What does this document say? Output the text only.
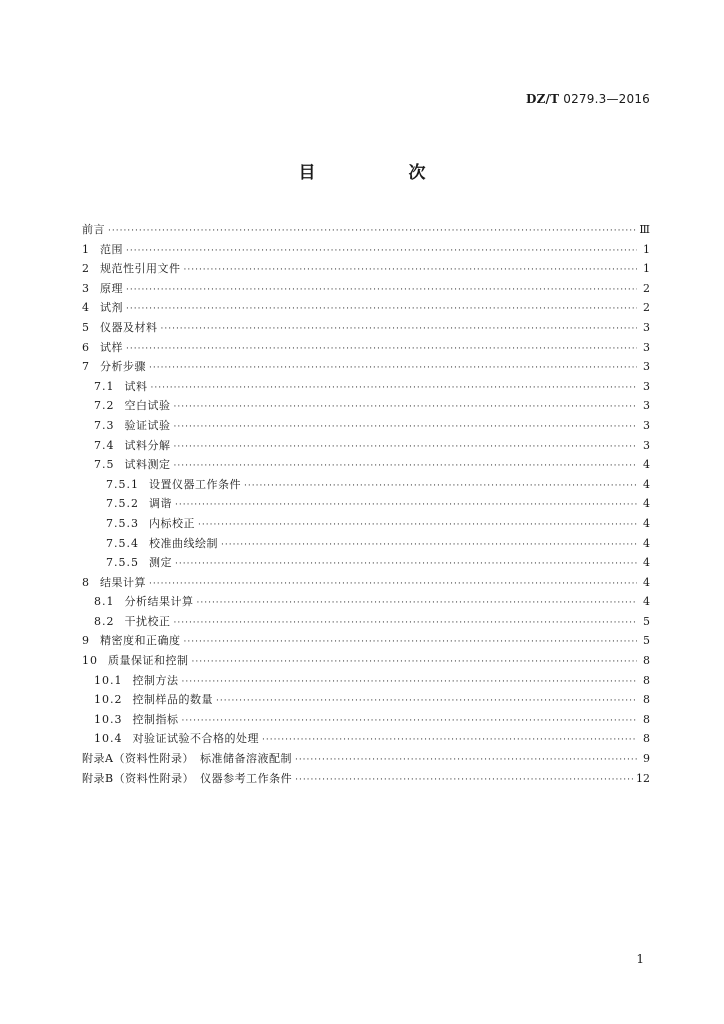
DZ/T 0279.3—2016
目　次
前言 ·····	Ⅲ
1 范围 ·····	1
2 规范性引用文件 ·····	1
3 原理 ·····	2
4 试剂 ·····	2
5 仪器及材料 ·····	3
6 试样 ·····	3
7 分析步骤 ·····	3
7.1 试料 ·····	3
7.2 空白试验 ·····	3
7.3 验证试验 ·····	3
7.4 试料分解 ·····	3
7.5 试料测定 ·····	4
7.5.1 设置仪器工作条件 ·····	4
7.5.2 调谐 ·····	4
7.5.3 内标校正 ·····	4
7.5.4 校准曲线绘制 ·····	4
7.5.5 测定 ·····	4
8 结果计算 ·····	4
8.1 分析结果计算 ·····	4
8.2 干扰校正 ·····	5
9 精密度和正确度 ·····	5
10 质量保证和控制 ·····	8
10.1 控制方法 ·····	8
10.2 控制样品的数量 ·····	8
10.3 控制指标 ·····	8
10.4 对验证试验不合格的处理 ·····	8
附录A（资料性附录）　标准储备溶液配制 ·····	9
附录B（资料性附录）　仪器参考工作条件 ·····	12
1
